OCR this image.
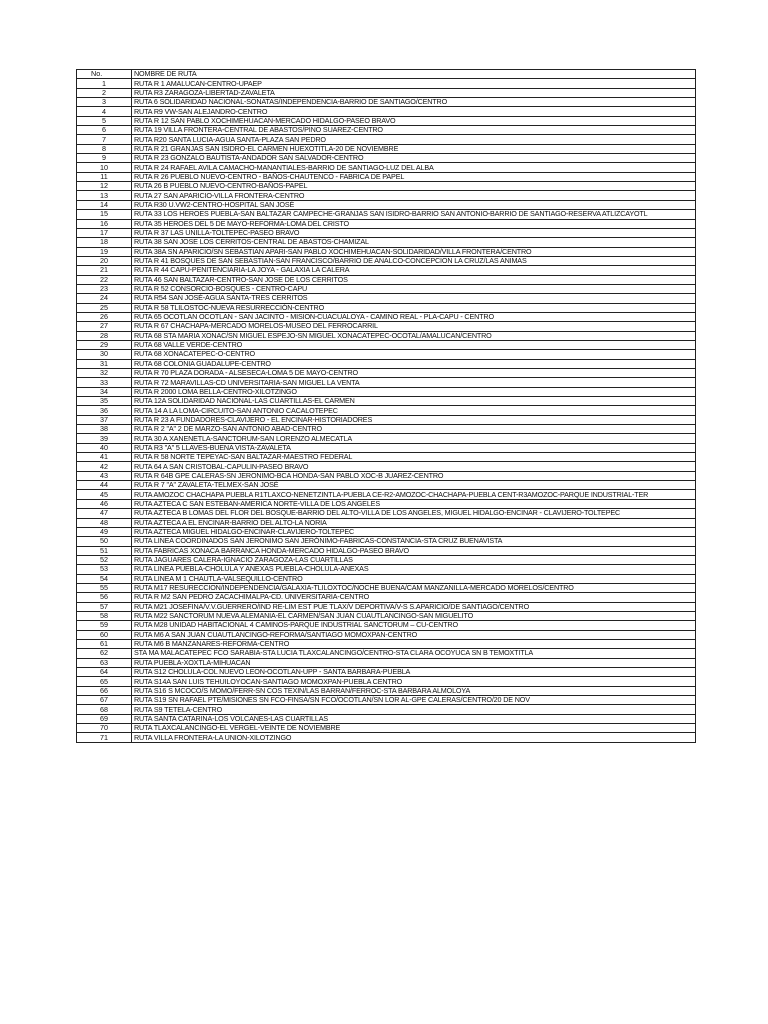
No.	NOMBRE DE RUTA
1	RUTA R 1 AMALUCAN-CENTRO-UPAEP
2	RUTA R3 ZARAGOZA-LIBERTAD-ZAVALETA
3	RUTA 6 SOLIDARIDAD NACIONAL-SONATAS/INDEPENDENCIA-BARRIO DE SANTIAGO/CENTRO
4	RUTA R9 VW-SAN ALEJANDRO-CENTRO
5	RUTA R 12 SAN PABLO XOCHIMEHUACAN-MERCADO HIDALGO-PASEO BRAVO
6	RUTA 19 VILLA FRONTERA-CENTRAL DE ABASTOS/PINO SUAREZ-CENTRO
7	RUTA R20 SANTA LUCIA-AGUA SANTA-PLAZA SAN PEDRO
8	RUTA R 21 GRANJAS SAN ISIDRO-EL CARMEN HUEXOTITLA-20 DE NOVIEMBRE
9	RUTA R 23 GONZALO BAUTISTA-ANDADOR SAN SALVADOR-CENTRO
10	RUTA R 24 RAFAEL AVILA CAMACHO-MANANTIALES-BARRIO DE SANTIAGO-LUZ DEL ALBA
11	RUTA R 26 PUEBLO NUEVO-CENTRO - BAÑOS-CHAUTENCO - FABRICA DE PAPEL
12	RUTA 26 B PUEBLO NUEVO-CENTRO-BAÑOS-PAPEL
13	RUTA 27 SAN APARICIO-VILLA FRONTERA-CENTRO
14	RUTA R30 U.VW2-CENTRO-HOSPITAL SAN JOSÉ
15	RUTA 33 LOS HEROES PUEBLA-SAN BALTAZAR CAMPECHE-GRANJAS SAN ISIDRO-BARRIO SAN ANTONIO-BARRIO DE SANTIAGO-RESERVA ATLIZCAYOTL
16	RUTA 35 HEROES DEL 5 DE MAYO-REFORMA-LOMA DEL CRISTO
17	RUTA R 37 LAS UNILLA-TOLTEPEC-PASEO BRAVO
18	RUTA 38 SAN JOSE LOS CERRITOS-CENTRAL DE ABASTOS-CHAMIZAL
19	RUTA 38A SN APARICIO/SN SEBASTIAN APARI-SAN PABLO XOCHIMEHUACAN-SOLIDARIDAD/VILLA FRONTERA/CENTRO
20	RUTA R 41 BOSQUES DE SAN SEBASTIAN-SAN FRANCISCO/BARRIO DE ANALCO-CONCEPCION LA CRUZ/LAS ANIMAS
21	RUTA R 44 CAPU-PENITENCIARIA-LA JOYA - GALAXIA LA CALERA
22	RUTA 46 SAN BALTAZAR-CENTRO-SAN JOSE DE LOS CERRITOS
23	RUTA R 52 CONSORCIO-BOSQUES - CENTRO-CAPU
24	RUTA R54 SAN JOSÉ-AGUA SANTA-TRES CERRITOS
25	RUTA R 58 TLILOSTOC-NUEVA RESURRECCIÓN-CENTRO
26	RUTA 65 OCOTLAN OCOTLAN - SAN JACINTO - MISION-CUACUALOYA - CAMINO REAL - PLA-CAPU - CENTRO
27	RUTA R 67 CHACHAPA-MERCADO MORELOS-MUSEO DEL FERROCARRIL
28	RUTA 68 STA MARIA XONAC/SN MIGUEL ESPEJO-SN MIGUEL XONACATEPEC-OCOTAL/AMALUCAN/CENTRO
29	RUTA 68 VALLE VERDE-CENTRO
30	RUTA 68 XONACATEPEC-O-CENTRO
31	RUTA 68 COLONIA GUADALUPE-CENTRO
32	RUTA R 70 PLAZA DORADA - ALSESECA-LOMA 5 DE MAYO-CENTRO
33	RUTA R 72 MARAVILLAS-CD UNIVERSITARIA-SAN MIGUEL LA VENTA
34	RUTA R 2000 LOMA BELLA-CENTRO-XILOTZINGO
35	RUTA 12A SOLIDARIDAD NACIONAL-LAS CUARTILLAS-EL CARMEN
36	RUTA 14 A LA LOMA-CIRCUITO-SAN ANTONIO CACALOTEPEC
37	RUTA R 23 A FUNDADORES-CLAVIJERO - EL ENCINAR-HISTORIADORES
38	RUTA R 2 "A" 2 DE MARZO-SAN ANTONIO ABAD-CENTRO
39	RUTA 30 A XANENETLA-SANCTORUM-SAN LORENZO ALMECATLA
40	RUTA R3 "A" 5 LLAVES-BUENA VISTA-ZAVALETA
41	RUTA R 58 NORTE TEPEYAC-SAN BALTAZAR-MAESTRO FEDERAL
42	RUTA 64 A SAN CRISTOBAL-CAPULIN-PASEO BRAVO
43	RUTA R 64B GPE CALERAS-SN JERONIMO-BCA HONDA-SAN PABLO XOC-B JUAREZ-CENTRO
44	RUTA R 7 "A" ZAVALETA-TELMEX-SAN JOSÉ
45	RUTA AMOZOC CHACHAPA PUEBLA R1TLAXCO-NENETZINTLA-PUEBLA CE-R2-AMOZOC-CHACHAPA-PUEBLA CENT-R3AMOZOC-PARQUE INDUSTRIAL-TER
46	RUTA AZTECA C SAN ESTEBAN-AMERICA NORTE-VILLA DE LOS ANGELES
47	RUTA AZTECA B LOMAS DEL FLOR DEL BOSQUE-BARRIO DEL ALTO-VILLA DE LOS ANGELES, MIGUEL HIDALGO-ENCINAR - CLAVIJERO-TOLTEPEC
48	RUTA AZTECA A EL ENCINAR-BARRIO DEL ALTO-LA NORIA
49	RUTA AZTECA MIGUEL HIDALGO-ENCINAR-CLAVIJERO-TOLTEPEC
50	RUTA LINEA COORDINADOS SAN JERONIMO SAN JERÓNIMO-FABRICAS-CONSTANCIA-STA CRUZ BUENAVISTA
51	RUTA FABRICAS XONACA BARRANCA HONDA-MERCADO HIDALGO-PASEO BRAVO
52	RUTA JAGUARES CALERA-IGNACIO ZARAGOZA-LAS CUARTILLAS
53	RUTA LINEA PUEBLA-CHOLULA Y ANEXAS PUEBLA-CHOLULA-ANEXAS
54	RUTA LINEA M 1 CHAUTLA-VALSEQUILLO-CENTRO
55	RUTA M17 RESURECCION/INDEPENDENCIA/GALAXIA-TLILOXTOC/NOCHE BUENA/CAM MANZANILLA-MERCADO MORELOS/CENTRO
56	RUTA R M2 SAN PEDRO ZACACHIMALPA-CD. UNIVERSITARIA-CENTRO
57	RUTA M21 JOSEFINA/V.V.GUERRERO/IND RE-LIM EST PUE TLAX/V DEPORTIVA/V-S S.APARICIO/DE SANTIAGO/CENTRO
58	RUTA M22 SANCTORUM NUEVA ALEMANIA-EL CARMEN/SAN JUAN CUAUTLANCINGO-SAN MIGUELITO
59	RUTA M28 UNIDAD HABITACIONAL 4 CAMINOS-PARQUE INDUSTRIAL SANCTORUM – CU-CENTRO
60	RUTA M6 A SAN JUAN CUAUTLANCINGO-REFORMA/SANTIAGO MOMOXPAN-CENTRO
61	RUTA M6 B MANZANARES-REFORMA-CENTRO
62	STA MA MALACATEPEC FCO SARABIA-STA LUCIA TLAXCALANCINGO/CENTRO-STA CLARA OCOYUCA SN B TEMOXTITLA
63	RUTA PUEBLA-XOXTLA-MIHUACAN
64	RUTA S12 CHOLULA-COL NUEVO LEON-OCOTLAN-UPP - SANTA BARBARA-PUEBLA
65	RUTA S14A SAN LUIS TEHUILOYOCAN-SANTIAGO MOMOXPAN-PUEBLA CENTRO
66	RUTA S16 S MCOCO/S MOMO/FERR-SN COS TEXIN/LAS BARRAN/FERROC-STA BARBARA ALMOLOYA
67	RUTA S19 SN RAFAEL PTE/MISIONES SN FCO-FINSA/SN FCO/OCOTLAN/SN LOR AL-GPE CALERAS/CENTRO/20 DE NOV
68	RUTA S9 TETELA-CENTRO
69	RUTA SANTA CATARINA-LOS VOLCANES-LAS CUARTILLAS
70	RUTA TLAXCALANCINGO-EL VERGEL-VEINTE DE NOVIEMBRE
71	RUTA VILLA FRONTERA-LA UNION-XILOTZINGO
